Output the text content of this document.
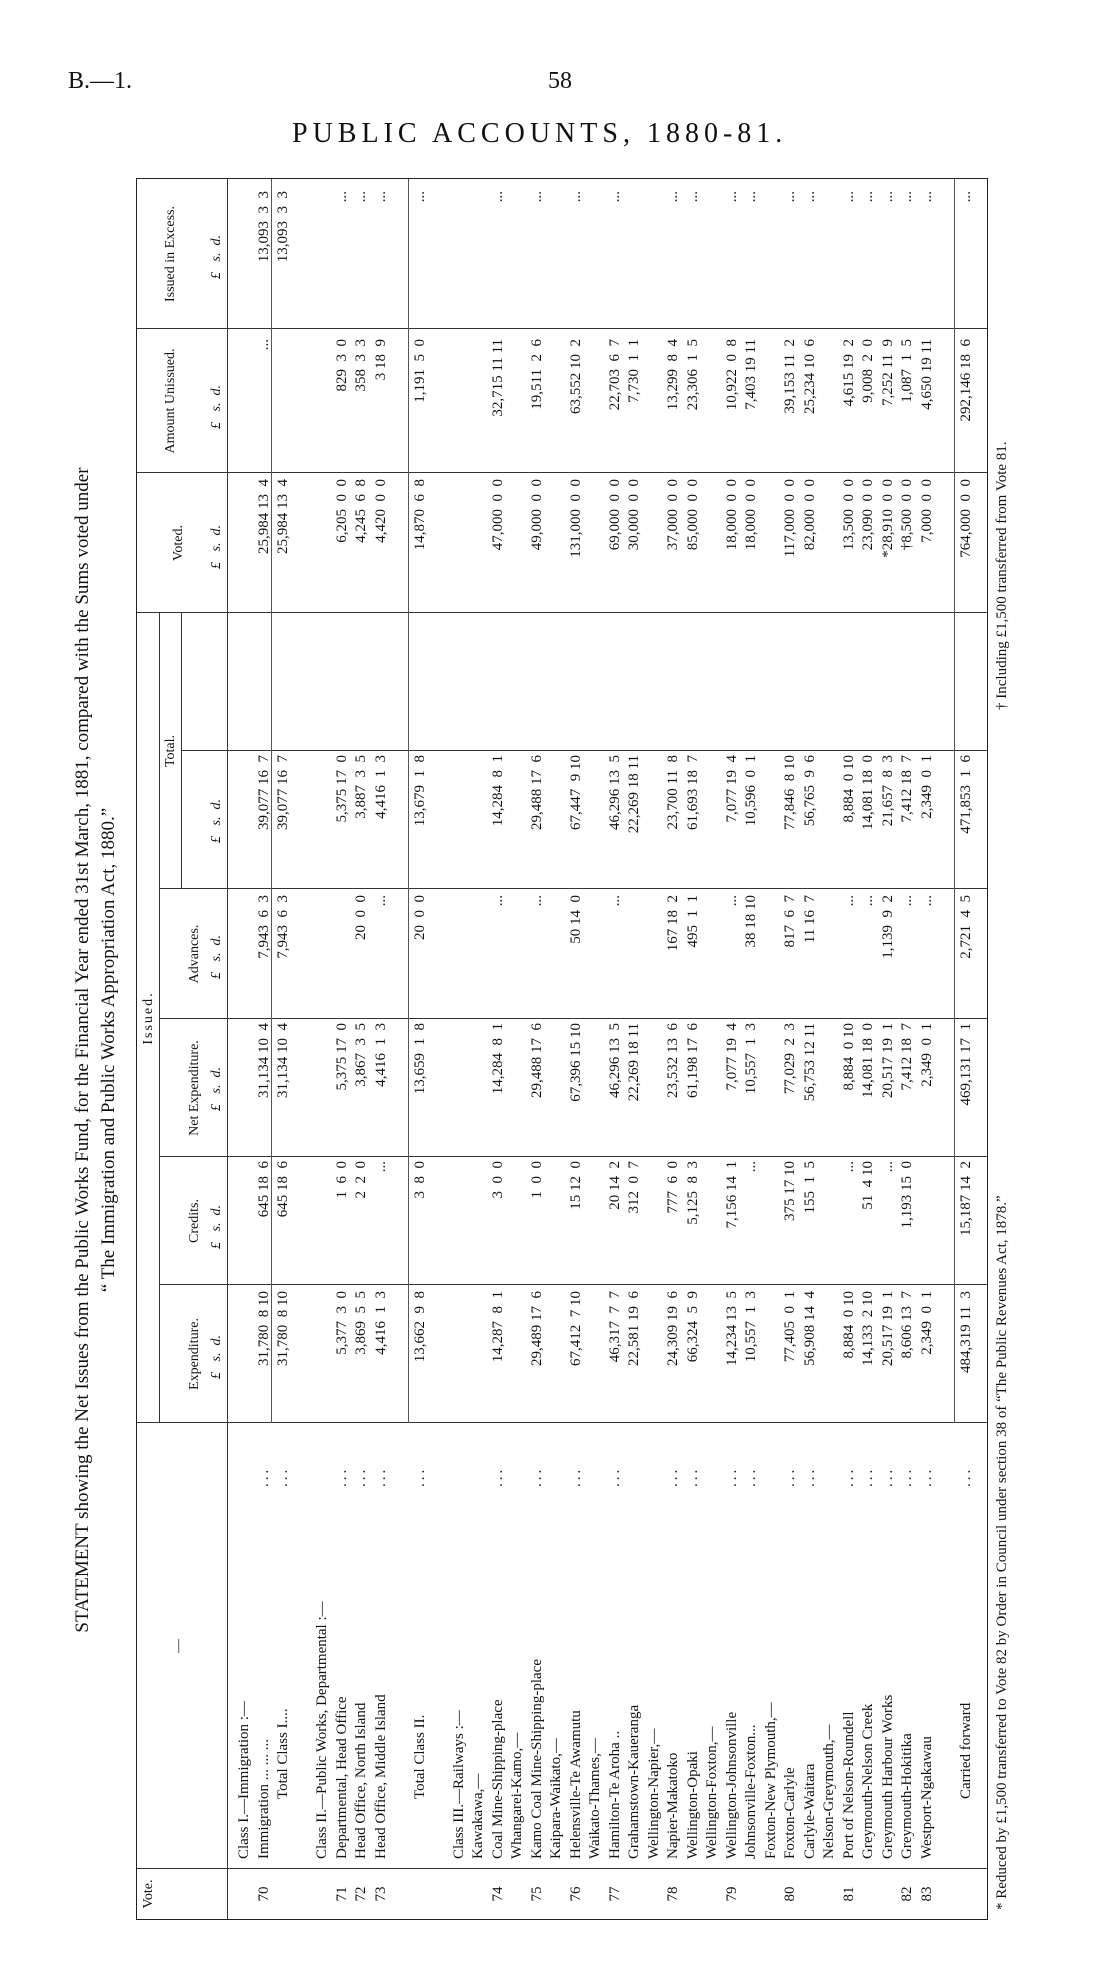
B.—1.	58
PUBLIC ACCOUNTS, 1880-81.
STATEMENT showing the Net Issues from the Public Works Fund, for the Financial Year ended 31st March, 1881, compared with the Sums voted under “ The Immigration and Public Works Appropriation Act, 1880.”
Vote.
—
Issued.
Expenditure.
Credits.
Net Expenditure.
Advances.
Total.
Voted.
Amount Unissued.
Issued in Excess.
£   s.  d.
£   s.  d.
£   s.  d.
£   s.  d.
£   s.  d.
£   s.  d.
£   s.  d.
£   s.  d.
Class I.—Immigration :—
70
Immigration ... ... ...
...
31,780  8 10
645 18  6
31,134 10  4
7,943  6  3
39,077 16  7
25,984 13  4
...
13,093  3  3
Total Class I....
...
31,780  8 10
645 18  6
31,134 10  4
7,943  6  3
39,077 16  7
25,984 13  4
13,093  3  3
Class II.—Public Works, Departmental :—
71
Departmental, Head Office
...
5,377  3  0
1  6  0
5,375 17  0
5,375 17  0
6,205  0  0
829  3  0
...
72
Head Office, North Island
...
3,869  5  5
2  2  0
3,867  3  5
20  0  0
3,887  3  5
4,245  6  8
358  3  3
...
73
Head Office, Middle Island
...
4,416  1  3
...
4,416  1  3
...
4,416  1  3
4,420  0  0
3 18  9
...
Total Class II.
...
13,662  9  8
3  8  0
13,659  1  8
20  0  0
13,679  1  8
14,870  6  8
1,191  5  0
...
Class III.—Railways :— Kawakawa,—
74
Coal Mine-Shipping-place
...
14,287  8  1
3  0  0
14,284  8  1
...
14,284  8  1
47,000  0  0
32,715 11 11
...
Whangarei-Kamo,—
75
Kamo Coal Mine-Shipping-place
...
29,489 17  6
1  0  0
29,488 17  6
...
29,488 17  6
49,000  0  0
19,511  2  6
...
Kaipara-Waikato,—
76
Helensville-Te Awamutu
...
67,412  7 10
15 12  0
67,396 15 10
50 14  0
67,447  9 10
131,000  0  0
63,552 10  2
...
Waikato-Thames,—
77
Hamilton-Te Aroha ..
...
46,317  7  7
20 14  2
46,296 13  5
...
46,296 13  5
69,000  0  0
22,703  6  7
...
Grahamstown-Kaueranga
22,581 19  6
312  0  7
22,269 18 11
22,269 18 11
30,000  0  0
7,730  1  1
Wellington-Napier,—
78
Napier-Makatoko
...
24,309 19  6
777  6  0
23,532 13  6
167 18  2
23,700 11  8
37,000  0  0
13,299  8  4
...
Wellington-Opaki
...
66,324  5  9
5,125  8  3
61,198 17  6
495  1  1
61,693 18  7
85,000  0  0
23,306  1  5
...
Wellington-Foxton,—
79
Wellington-Johnsonville
...
14,234 13  5
7,156 14  1
7,077 19  4
...
7,077 19  4
18,000  0  0
10,922  0  8
...
Johnsonville-Foxton...
...
10,557  1  3
...
10,557  1  3
38 18 10
10,596  0  1
18,000  0  0
7,403 19 11
...
Foxton-New Plymouth,—
80
Foxton-Carlyle
...
77,405  0  1
375 17 10
77,029  2  3
817  6  7
77,846  8 10
117,000  0  0
39,153 11  2
...
Carlyle-Waitara
...
56,908 14  4
155  1  5
56,753 12 11
11 16  7
56,765  9  6
82,000  0  0
25,234 10  6
...
Nelson-Greymouth,—
81
Port of Nelson-Roundell
...
8,884  0 10
...
8,884  0 10
...
8,884  0 10
13,500  0  0
4,615 19  2
...
Greymouth-Nelson Creek
...
14,133  2 10
51  4 10
14,081 18  0
...
14,081 18  0
23,090  0  0
9,008  2  0
...
Greymouth Harbour Works
...
20,517 19  1
...
20,517 19  1
1,139  9  2
21,657  8  3
*28,910  0  0
7,252 11  9
...
82
Greymouth-Hokitika
...
8,606 13  7
1,193 15  0
7,412 18  7
...
7,412 18  7
†8,500  0  0
1,087  1  5
...
83
Westport-Ngakawau
...
2,349  0  1
2,349  0  1
...
2,349  0  1
7,000  0  0
4,650 19 11
...
Carried forward
...
484,319 11  3
15,187 14  2
469,131 17  1
2,721  4  5
471,853  1  6
764,000  0  0
292,146 18  6
...
* Reduced by £1,500 transferred to Vote 82 by Order in Council under section 38 of “The Public Revenues Act, 1878.”
† Including £1,500 transferred from Vote 81.
